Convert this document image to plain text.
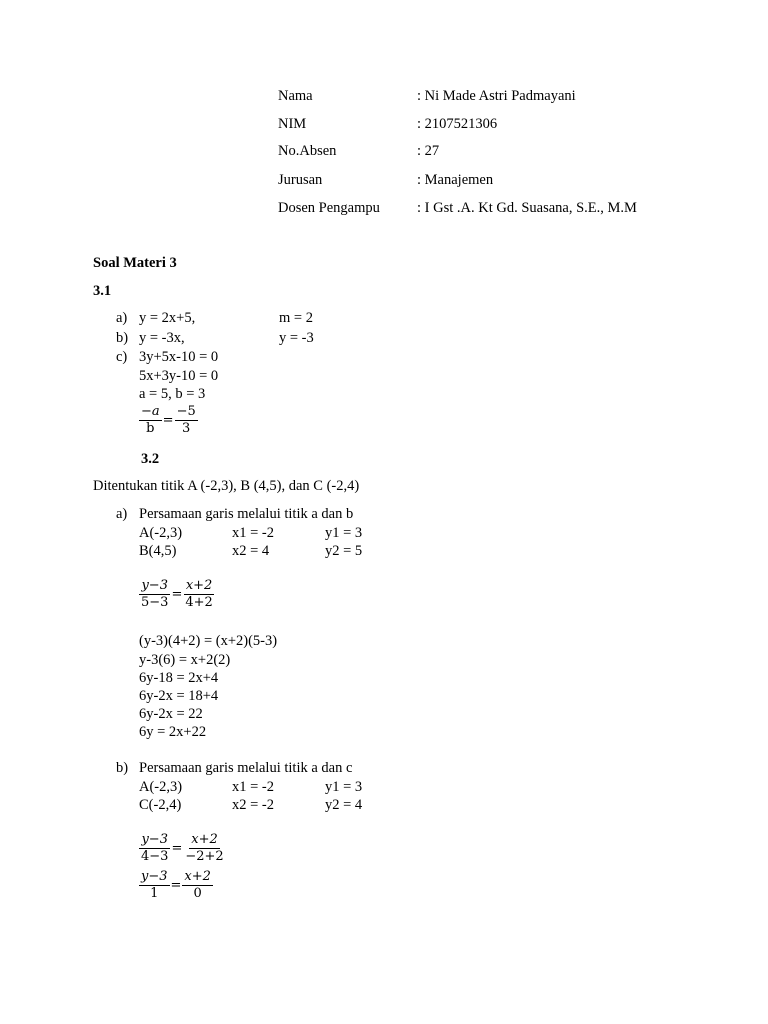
Nama	: Ni Made Astri Padmayani
NIM	: 2107521306
No.Absen	: 27
Jurusan	: Manajemen
Dosen Pengampu	: I Gst .A. Kt Gd. Suasana, S.E., M.M
Soal Materi 3
3.1
a) y = 2x+5,	m = 2
b) y = -3x,	y = -3
c) 3y+5x-10 = 0
5x+3y-10 = 0
a = 5, b = 3
$\frac{-a}{b} = \frac{-5}{3}$
3.2
Ditentukan titik A (-2,3), B (4,5), dan C (-2,4)
a) Persamaan garis melalui titik a dan b
A(-2,3)	x1 = -2	y1 = 3
B(4,5)	x2 = 4	y2 = 5
$\frac{y-3}{5-3} = \frac{x+2}{4+2}$
(y-3)(4+2) = (x+2)(5-3)
y-3(6) = x+2(2)
6y-18 = 2x+4
6y-2x = 18+4
6y-2x = 22
6y = 2x+22
b) Persamaan garis melalui titik a dan c
A(-2,3)	x1 = -2	y1 = 3
C(-2,4)	x2 = -2	y2 = 4
$\frac{y-3}{4-3} = \frac{x+2}{-2+2}$
$\frac{y-3}{1} = \frac{x+2}{0}$
